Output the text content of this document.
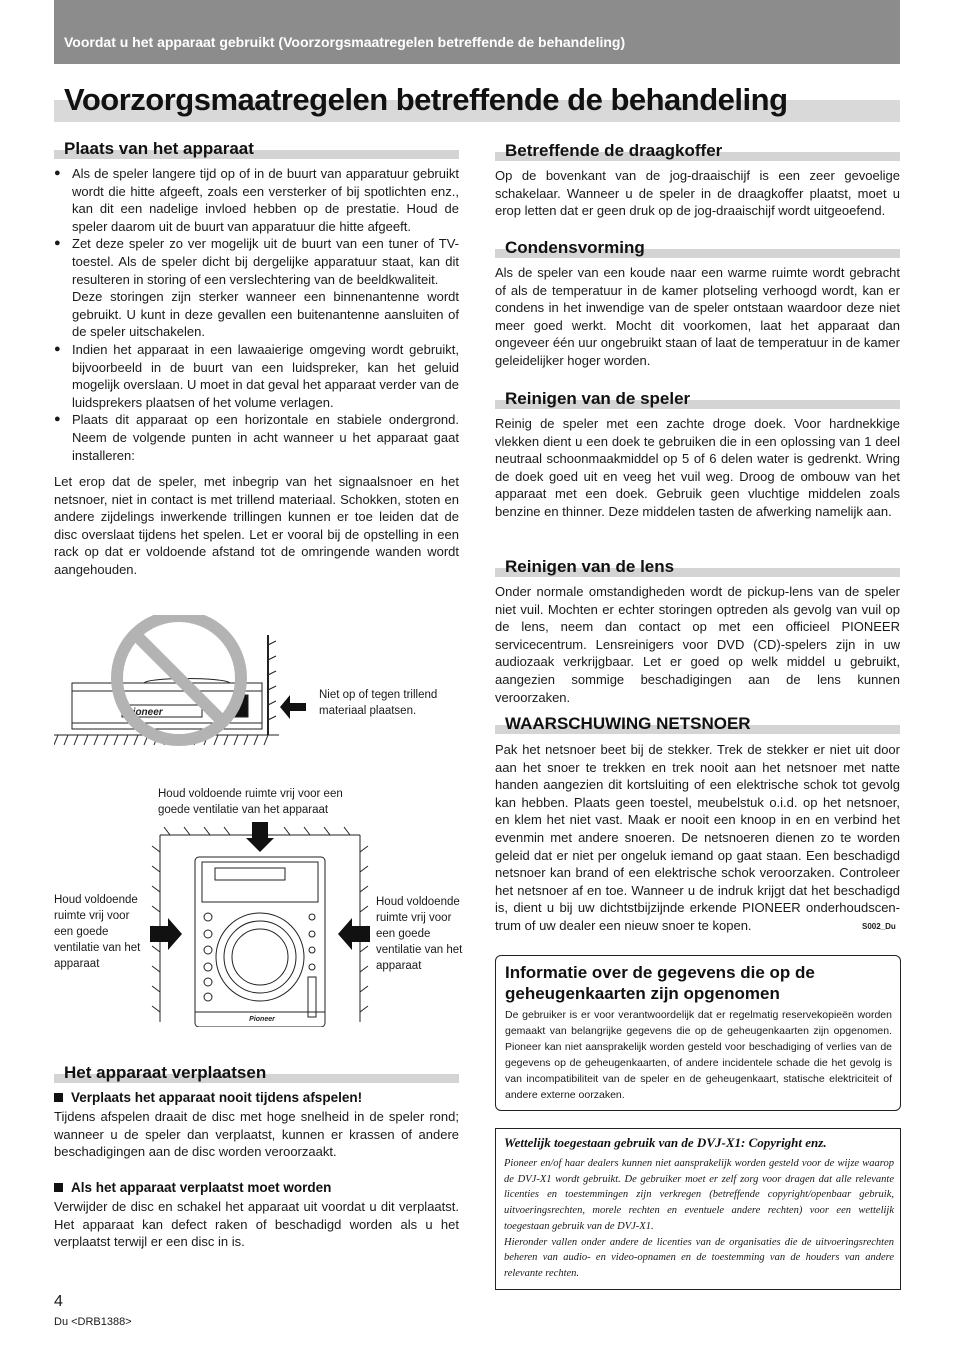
Voordat u het apparaat gebruikt (Voorzorgsmaatregelen betreffende de behandeling)
Voorzorgsmaatregelen betreffende de behandeling
Plaats van het apparaat
● Als de speler langere tijd op of in de buurt van apparatuur gebruikt wordt die hitte afgeeft, zoals een versterker of bij spotlichten enz., kan dit een nadelige invloed hebben op de prestatie. Houd de speler daarom uit de buurt van apparatuur die hitte afgeeft.
● Zet deze speler zo ver mogelijk uit de buurt van een tuner of TV-toestel. Als de speler dicht bij dergelijke apparatuur staat, kan dit resulteren in storing of een verslechtering van de beeldkwaliteit.
Deze storingen zijn sterker wanneer een binnenantenne wordt gebruikt. U kunt in deze gevallen een buitenantenne aansluiten of de speler uitschakelen.
● Indien het apparaat in een lawaaierige omgeving wordt gebruikt, bijvoorbeeld in de buurt van een luidspreker, kan het geluid mogelijk overslaan. U moet in dat geval het apparaat verder van de luidsprekers plaatsen of het volume verlagen.
● Plaats dit apparaat op een horizontale en stabiele ondergrond. Neem de volgende punten in acht wanneer u het apparaat gaat installeren:

Let erop dat de speler, met inbegrip van het signaalsnoer en het netsnoer, niet in contact is met trillend materiaal. Schokken, stoten en andere zijdelings inwerkende trillingen kunnen er toe leiden dat de disc overslaat tijdens het spelen. Let er vooral bij de opstelling in een rack op dat er voldoende afstand tot de omringende wanden wordt aangehouden.

Pioneer
Niet op of tegen trillend materiaal plaatsen.
Houd voldoende ruimte vrij voor een goede ventilatie van het apparaat
Houd voldoende ruimte vrij voor een goede ventilatie van het apparaat
Houd voldoende ruimte vrij voor een goede ventilatie van het apparaat
Pioneer
Het apparaat verplaatsen
Verplaats het apparaat nooit tijdens afspelen!
Tijdens afspelen draait de disc met hoge snelheid in de speler rond; wanneer u de speler dan verplaatst, kunnen er krassen of andere beschadigingen aan de disc worden veroorzaakt.
Als het apparaat verplaatst moet worden
Verwijder de disc en schakel het apparaat uit voordat u dit verplaatst. Het apparaat kan defect raken of beschadigd worden als u het verplaatst terwijl er een disc in is.
Betreffende de draagkoffer
Op de bovenkant van de jog-draaischijf is een zeer gevoelige schakelaar. Wanneer u de speler in de draagkoffer plaatst, moet u erop letten dat er geen druk op de jog-draaischijf wordt uitgeoefend.
Condensvorming
Als de speler van een koude naar een warme ruimte wordt gebracht of als de temperatuur in de kamer plotseling verhoogd wordt, kan er condens in het inwendige van de speler ontstaan waardoor deze niet meer goed werkt. Mocht dit voorkomen, laat het apparaat dan ongeveer één uur ongebruikt staan of laat de temperatuur in de kamer geleidelijker hoger worden.
Reinigen van de speler
Reinig de speler met een zachte droge doek. Voor hardnekkige vlekken dient u een doek te gebruiken die in een oplossing van 1 deel neutraal schoonmaakmiddel op 5 of 6 delen water is gedrenkt. Wring de doek goed uit en veeg het vuil weg. Droog de ombouw van het apparaat met een doek. Gebruik geen vluchtige middelen zoals benzine en thinner. Deze middelen tasten de afwerking namelijk aan.
Reinigen van de lens
Onder normale omstandigheden wordt de pickup-lens van de speler niet vuil. Mochten er echter storingen optreden als gevolg van vuil op de lens, neem dan contact op met een officieel PIONEER servicecentrum. Lensreinigers voor DVD (CD)-spelers zijn in uw audiozaak verkrijgbaar. Let er goed op welk middel u gebruikt, aangezien sommige beschadigingen aan de lens kunnen veroorzaken.
WAARSCHUWING NETSNOER
Pak het netsnoer beet bij de stekker. Trek de stekker er niet uit door aan het snoer te trekken en trek nooit aan het netsnoer met natte handen aangezien dit kortsluiting of een elektrische schok tot gevolg kan hebben. Plaats geen toestel, meubelstuk o.i.d. op het netsnoer, en klem het niet vast. Maak er nooit een knoop in en en verbind het evenmin met andere snoeren. De netsnoeren dienen zo te worden geleid dat er niet per ongeluk iemand op gaat staan. Een beschadigd netsnoer kan brand of een elektrische schok veroorzaken. Controleer het netsnoer af en toe. Wanneer u de indruk krijgt dat het beschadigd is, dient u bij uw dichtstbijzijnde erkende PIONEER onderhoudscen-trum of uw dealer een nieuw snoer te kopen.	S002_Du
Informatie over de gegevens die op de geheugenkaarten zijn opgenomen
De gebruiker is er voor verantwoordelijk dat er regelmatig reservekopieën worden gemaakt van belangrijke gegevens die op de geheugenkaarten zijn opgenomen. Pioneer kan niet aansprakelijk worden gesteld voor beschadiging of verlies van de gegevens op de geheugenkaarten, of andere incidentele schade die het gevolg is van incompatibiliteit van de speler en de geheugenkaart, statische elektriciteit of andere externe oorzaken.
Wettelijk toegestaan gebruik van de DVJ-X1: Copyright enz.
Pioneer en/of haar dealers kunnen niet aansprakelijk worden gesteld voor de wijze waarop de DVJ-X1 wordt gebruikt. De gebruiker moet er zelf zorg voor dragen dat alle relevante licenties en toestemmingen zijn verkregen (betreffende copyright/openbaar gebruik, uitvoeringsrechten, morele rechten en eventuele andere rechten) voor een wettelijk toegestaan gebruik van de DVJ-X1.
Hieronder vallen onder andere de licenties van de organisaties die de uitvoeringsrechten beheren van audio- en video-opnamen en de toestemming van de houders van andere relevante rechten.
4
Du <DRB1388>
